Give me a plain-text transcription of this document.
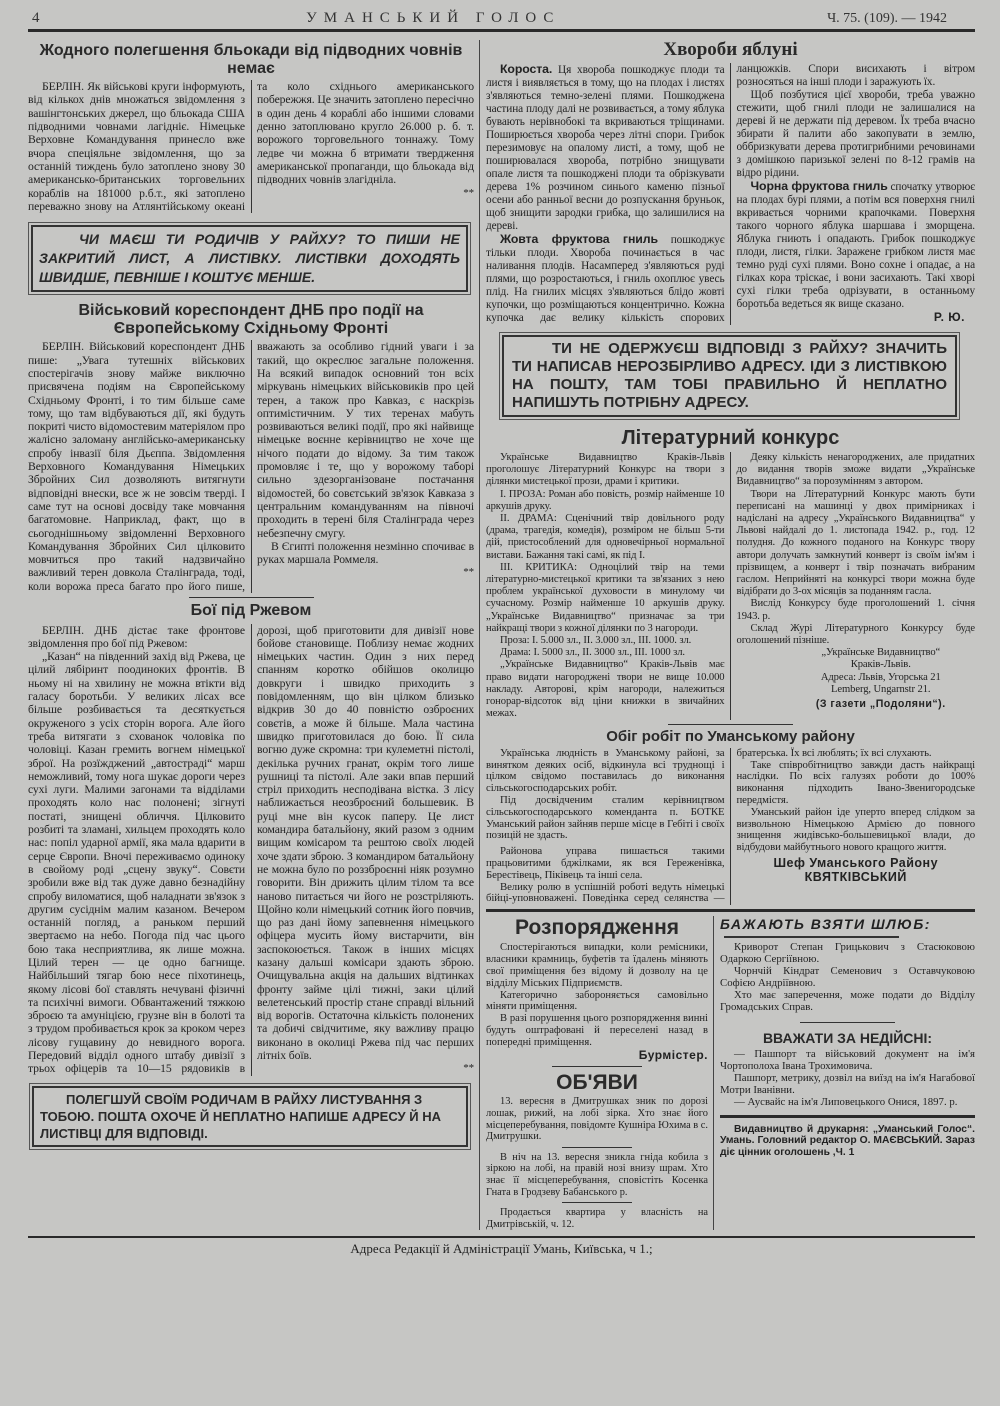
4	УМАНСЬКИЙ ГОЛОС	Ч. 75. (109). — 1942
Жодного полегшення бльокади від підводних човнів немає

БЕРЛІН. Як військові круги інформують, від кількох днів множаться звідомлення з вашінгтонських джерел, що бльокада США підводними човнами лагідніє. Німецьке Верховне Командування принесло вже вчора спеціяльне звідомлення, що за останній тиждень було затоплено знову 30 американсько-британських торговельних кораблів на 181000 р.б.т., які затоплено переважно знову на Атлянтійському океані та коло східнього американського побережжя. Це значить затоплено пересічно в один день 4 кораблі або іншими словами денно затоплювано кругло 26.000 р. б. т. ворожого торговельного тоннажу. Тому ледве чи можна б втримати твердження американської пропаганди, що бльокада від підводних човнів злагідніла.

**

ЧИ МАЄШ ТИ РОДИЧІВ У РАЙХУ? ТО ПИШИ НЕ ЗАКРИТИЙ ЛИСТ, А ЛИСТІВКУ. ЛИСТІВКИ ДОХОДЯТЬ ШВИДШЕ, ПЕВНІШЕ І КОШТУЄ МЕНШЕ.
Військовий кореспондент ДНБ про події на Європейському Східньому Фронті

БЕРЛІН. Військовий кореспондент ДНБ пише: „Увага тутешніх військових спостерігачів знову майже виключно присвячена подіям на Європейському Східньому Фронті, і то тим більше саме тому, що там відбуваються дії, які будуть покриті чисто відомостевим матеріялом про жалісно заломану англійсько-американську спробу інвазії біля Дьєппа. Звідомлення Верховного Командування Німецьких Збройних Сил дозволяють витягнути відповідні внески, все ж не зовсім тверді. І саме тут на основі досвіду таке мовчання багатомовне. Наприклад, факт, що в сьогоднішньому звідомленні Верховного Командування Збройних Сил цілковито мовчиться про такий надзвичайно важливий терен довкола Сталінграда, тоді, коли ворожа преса багато про його пише, вважають за особливо гідний уваги і за такий, що окреслює загальне положення. На всякий випадок основний тон всіх міркувань німецьких військовиків про цей терен, а також про Кавказ, є наскрізь оптимістичним. У тих теренах мабуть розвиваються великі події, про які найвище німецьке воєнне керівництво не хоче ще нічого подати до відому. За тим також промовляє і те, що у ворожому таборі сильно здезорганізоване постачання відомостей, бо совєтський зв'язок Кавказа з центральним командуванням на півночі проходить в терені біля Сталінграда через небезпечну смугу.

В Єгипті положення незмінно спочиває в руках маршала Роммеля.

**

Бої під Ржевом

БЕРЛІН. ДНБ дістає таке фронтове звідомлення про бої під Ржевом:

„Казан“ на південний захід від Ржева, це цілий лябіринт поодиноких фронтів. В ньому ні на хвилину не можна втікти від галасу боротьби. У великих лісах все більше розбивається та десяткується окруженого з усіх сторін ворога. Але його треба витягати з схованок чоловіка по чоловіці. Казан гремить вогнем німецької зброї. На розїжджений „автостраді“ марш неможливий, тому нога шукає дороги через сухі луги. Малими загонами та відділами проходять коло нас полонені; зігнуті постаті, знищені обличчя. Цілковито розбиті та зламані, хильцем проходять коло нас: попіл ударної армії, яка мала вдарити в серце Європи. Вночі переживаємо одиноку в свойому роді „сцену звуку“. Совєти зробили вже від так дуже давно безнадійну спробу виломатися, щоб наладнати зв'язок з другим сусіднім малим казаном. Вечером останній погляд, а раньком перший звертаємо на небо. Погода під час цього бою така несприятлива, як лише можна. Цілий терен — це одно багнище. Найбільший тягар бою несе піхотинець, якому лісові бої ставлять нечувані фізичні та психічні вимоги. Обвантажений тяжкою зброєю та амуніцією, грузне він в болоті та з трудом пробивається крок за кроком через лісову гущавину до невидного ворога. Передовий відділ одного штабу дивізії з трьох офіцерів та 10—15 рядовиків в дорозі, щоб приготовити для дивізії нове бойове становище. Поблизу немає жодних німецьких частин. Один з них перед спанням коротко обійшов околицю довкруги і швидко приходить з повідомленням, що він цілком близько відкрив 30 до 40 повністю озброєних совєтів, а може й більше. Мала частина швидко приготовилася до бою. Її сила вогню дуже скромна: три кулеметні пістолі, декілька ручних гранат, окрім того лише рушниці та пістолі. Але заки впав перший стріл приходить несподівана вістка. З лісу наближається неозброєний большевик. В руці мне він кусок паперу. Це лист командира батальйону, який разом з одним вищим комісаром та рештою своїх людей хоче здати зброю. З командиром батальйону не можна було по роззброєнні ніяк розумно говорити. Він дрижить цілим тілом та все наново питається чи його не розстріляють. Щойно коли німецький сотник його повчив, що раз дані йому запевнення німецького офіцера мусить йому вистарчити, він заспокоюється. Також в інших місцях казану дальші комісари здають зброю. Очищувальна акція на дальших відтинках фронту займе цілі тижні, заки цілий велетенський простір стане справді вільний від ворогів. Остаточна кількість полонених та добичі свідчитиме, яку важливу працю виконано в околиці Ржева під час перших літніх боїв.

**

ПОЛЕГШУЙ СВОЇМ РОДИЧАМ В РАЙХУ ЛИСТУВАННЯ З ТОБОЮ. ПОШТА ОХОЧЕ Й НЕПЛАТНО НАПИШЕ АДРЕСУ Й НА ЛИСТІВЦІ ДЛЯ ВІДПОВІДІ.
Хвороби яблуні

Короста. Ця хвороба пошкоджує плоди та листя і виявляється в тому, що на плодах і листях з'являються темно-зелені плями. Пошкоджена частина плоду далі не розвивається, а тому яблука бувають нерівнобокі та вкриваються тріщинами. Поширюється хвороба через літні спори. Грибок перезимовує на опалому листі, а тому, щоб не поширювалася хвороба, потрібно знищувати опале листя та пошкоджені плоди та обрізкувати дерева 1% розчином синього каменю пізньої осени або ранньої весни до розпускання бруньок, щоб знищити зародки грибка, що залишилися на дереві.

Жовта фруктова гниль пошкоджує тільки плоди. Хвороба починається в час наливання плодів. Насамперед з'являються руді плями, що розростаються, і гниль охоплює увесь плід. На гнилих місцях з'являються блідо жовті купочки, що розміщаються концентрично. Кожна купочка дає велику кількість спорових ланцюжків. Спори висихають і вітром розносяться на інші плоди і заражують їх.

Щоб позбутися цієї хвороби, треба уважно стежити, щоб гнилі плоди не залишалися на дереві й не держати під деревом. Їх треба вчасно збирати й палити або закопувати в землю, оббризкувати дерева протигрибними речовинами з домішкою паризької зелені по 8-12 грамів на відро рідини.

Чорна фруктова гниль спочатку утворює на плодах бурі плями, а потім вся поверхня гнилі вкривається чорними крапочками. Поверхня такого чорного яблука шаршава і зморщена. Яблука гниють і опадають. Грибок пошкоджує плоди, листя, гілки. Заражене грибком листя має темно руді сухі плями. Воно сохне і опадає, а на гілках кора тріскає, і вони засихають. Такі хворі сухі гілки треба одрізувати, в останньому боротьба ведеться як вище сказано.

Р. Ю.

ТИ НЕ ОДЕРЖУЄШ ВІДПОВІДІ З РАЙХУ? ЗНАЧИТЬ ТИ НАПИСАВ НЕРОЗБІРЛИВО АДРЕСУ. ІДИ З ЛИСТІВКОЮ НА ПОШТУ, ТАМ ТОБІ ПРАВИЛЬНО Й НЕПЛАТНО НАПИШУТЬ ПОТРІБНУ АДРЕСУ.
Літературний конкурс

Українське Видавництво Краків-Львів проголошує Літературний Конкурс на твори з ділянки мистецької прози, драми і критики.

I. ПРОЗА: Роман або повість, розмір найменше 10 аркушів друку.

II. ДРАМА: Сценічний твір довільного роду (драма, трагедія, комедія), розміром не більш 5-ти дій, пристособлений для одновечірньої нормальної вистави. Бажання такі самі, як під I.

III. КРИТИКА: Одноцілий твір на теми літературно-мистецької критики та зв'язаних з нею проблем української духовости в минулому чи сучасному. Розмір найменше 10 аркушів друку. „Українське Видавництво“ призначає за три найкращі твори з кожної ділянки по 3 нагороди.

Проза: I. 5.000 зл., II. 3.000 зл., III. 1000. зл.

Драма: I. 5000 зл., II. 3000 зл., III. 1000 зл.

„Українське Видавництво“ Краків-Львів має право видати нагороджені твори не вище 10.000 накладу. Авторові, крім нагороди, належиться гонорар-відсоток від ціни книжки в звичайних межах.

Деяку кількість ненагороджених, але придатних до видання творів зможе видати „Українське Видавництво“ за порозумінням з автором.

Твори на Літературний Конкурс мають бути переписані на машинці у двох примірниках і надіслані на адресу „Українського Видавництва“ у Львові найдалі до 1. листопада 1942. р., год. 12 полудня. До кожного поданого на Конкурс твору автори долучать замкнутий конверт із своїм ім'ям і прізвищем, а конверт і твір позначать вибраним гаслом. Неприйняті на конкурсі твори можна буде відібрати до 3-ох місяців за поданням гасла.

Вислід Конкурсу буде проголошений 1. січня 1943. р.

Склад Журі Літературного Конкурсу буде оголошений пізніше.

„Українське Видавництво“
Краків-Львів.
Адреса: Львів, Угорська 21
Lemberg, Ungarnstr 21.
(З газети „Подоляни“).
Обіг робіт по Уманському району

Українська людність в Уманському районі, за винятком деяких осіб, відкинула всі труднощі і цілком свідомо поставилась до виконання сільськогосподарських робіт.

Під досвідченим сталим керівництвом сільськогосподарського коменданта п. БОТКЕ Уманський район зайняв перше місце в Гебіті і своїх позицій не здасть.

Районова управа пишається такими працьовитими бджілками, як вся Гереженівка, Берестівець, Піківець та інші села.

Велику ролю в успішній роботі ведуть німецькі бійці-уповноважені. Поведінка серед селянства — братерська. Їх всі люблять; їх всі слухають.

Таке співробітництво завжди дасть найкращі наслідки. По всіх галузях роботи до 100% виконання підходить Івано-Звенигородське передмістя.

Уманський район іде уперто вперед слідком за визвольною Німецькою Армією до повного знищення жидівсько-большевицької влади, до відбудови майбутнього нового кращого життя.

Шеф Уманського Району
КВЯТКІВСЬКИЙ
Розпорядження

Спостерігаються випадки, коли ремісники, власники крамниць, буфетів та їдалень міняють свої приміщення без відому й дозволу на це відділу Міських Підприємств.

Категорично забороняється самовільно міняти приміщення.

В разі порушення цього розпорядження винні будуть оштрафовані й переселені назад в попередні приміщення.

Бурмістер.

ОБ'ЯВИ

13. вересня в Дмитрушках зник по дорозі лошак, рижий, на лобі зірка. Хто знає його місцеперебування, повідомте Кушніра Юхима в с. Дмитрушки.

В ніч на 13. вересня зникла гніда кобила з зіркою на лобі, на правій нозі внизу шрам. Хто знає її місцеперебування, сповістіть Косенка Гната в Гродзеву Бабанського р.

Продається квартира у власність на Дмитрівській, ч. 12.

БАЖАЮТЬ ВЗЯТИ ШЛЮБ:

Криворот Степан Грицькович з Стасюковою Одаркою Сергіївною.

Чорнчій Кіндрат Семенович з Оставчуковою Софією Андріївною.

Хто має заперечення, може подати до Відділу Громадських Справ.

ВВАЖАТИ ЗА НЕДІЙСНІ:

— Пашпорт та військовий документ на ім'я Чортополоха Івана Трохимовича.

Пашпорт, метрику, дозвіл на виїзд на ім'я Нагабової Мотри Іванівни.

— Аусвайс на ім'я Липовецького Онися, 1897. р.

Видавництво й друкарня: „Уманський Голос“. Умань. Головний редактор О. МАЄВСЬКИЙ. Зараз діє цінник оголошень ,Ч. 1

Адреса Редакції й Адміністрації Умань, Київська, ч 1.;
